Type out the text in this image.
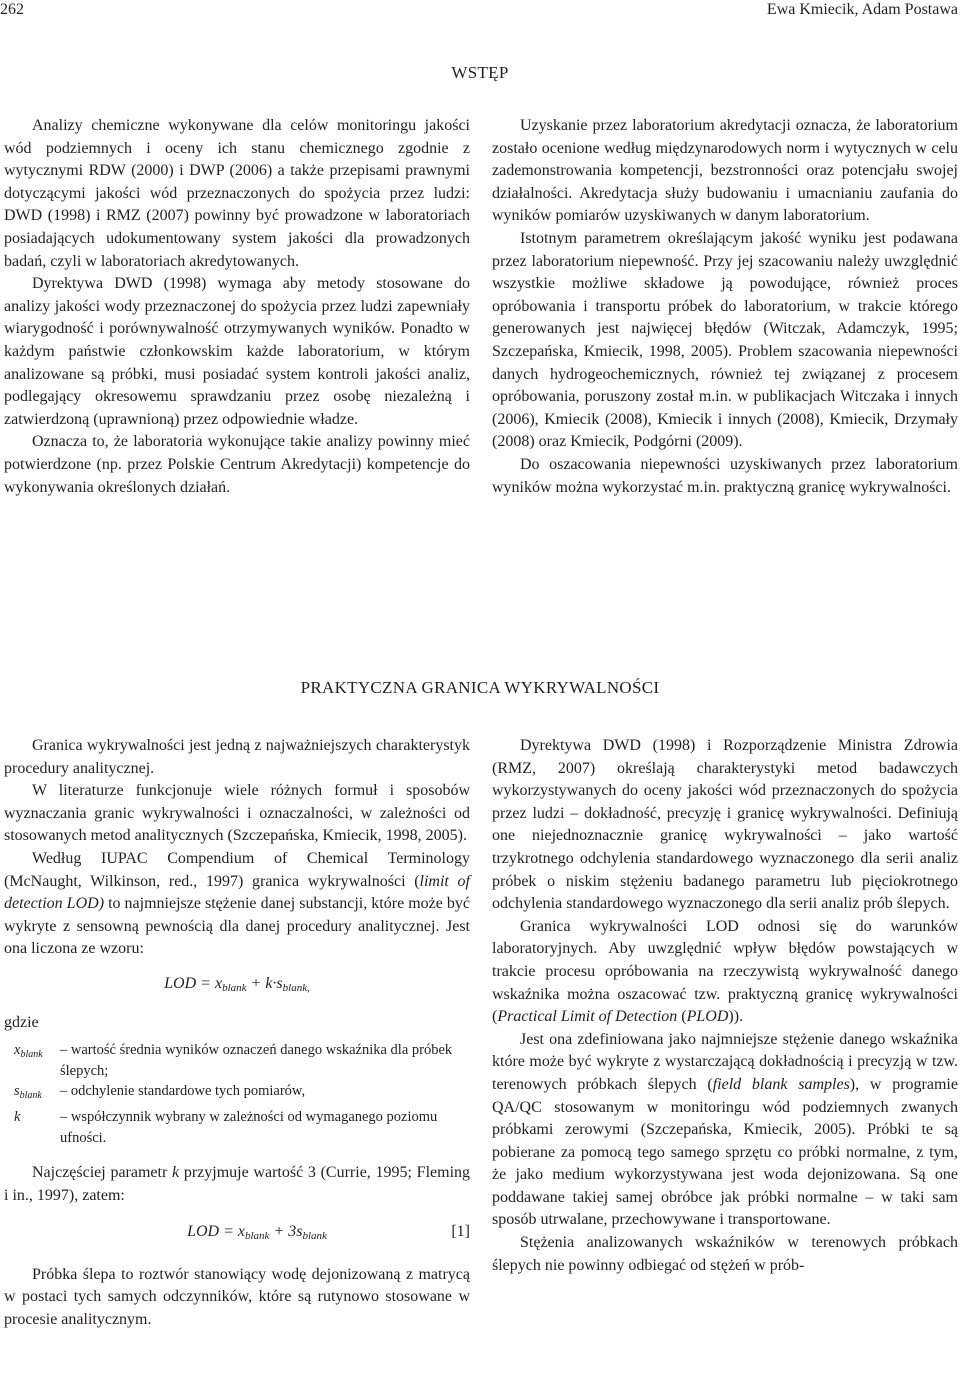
262	Ewa Kmiecik, Adam Postawa
WSTĘP

Analizy chemiczne wykonywane dla celów monitoringu jakości wód podziemnych i oceny ich stanu chemicznego zgodnie z wytycznymi RDW (2000) i DWP (2006) a także przepisami prawnymi dotyczącymi jakości wód przeznaczonych do spożycia przez ludzi: DWD (1998) i RMZ (2007) powinny być prowadzone w laboratoriach posiadających udokumentowany system jakości dla prowadzonych badań, czyli w laboratoriach akredytowanych.

Dyrektywa DWD (1998) wymaga aby metody stosowane do analizy jakości wody przeznaczonej do spożycia przez ludzi zapewniały wiarygodność i porównywalność otrzymywanych wyników. Ponadto w każdym państwie członkowskim każde laboratorium, w którym analizowane są próbki, musi posiadać system kontroli jakości analiz, podlegający okresowemu sprawdzaniu przez osobę niezależną i zatwierdzoną (uprawnioną) przez odpowiednie władze.

Oznacza to, że laboratoria wykonujące takie analizy powinny mieć potwierdzone (np. przez Polskie Centrum Akredytacji) kompetencje do wykonywania określonych działań.

Uzyskanie przez laboratorium akredytacji oznacza, że laboratorium zostało ocenione według międzynarodowych norm i wytycznych w celu zademonstrowania kompetencji, bezstronności oraz potencjału swojej działalności. Akredytacja służy budowaniu i umacnianiu zaufania do wyników pomiarów uzyskiwanych w danym laboratorium.

Istotnym parametrem określającym jakość wyniku jest podawana przez laboratorium niepewność. Przy jej szacowaniu należy uwzględnić wszystkie możliwe składowe ją powodujące, również proces opróbowania i transportu próbek do laboratorium, w trakcie którego generowanych jest najwięcej błędów (Witczak, Adamczyk, 1995; Szczepańska, Kmiecik, 1998, 2005). Problem szacowania niepewności danych hydrogeochemicznych, również tej związanej z procesem opróbowania, poruszony został m.in. w publikacjach Witczaka i innych (2006), Kmiecik (2008), Kmiecik i innych (2008), Kmiecik, Drzymały (2008) oraz Kmiecik, Podgórni (2009).

Do oszacowania niepewności uzyskiwanych przez laboratorium wyników można wykorzystać m.in. praktyczną granicę wykrywalności.

PRAKTYCZNA GRANICA WYKRYWALNOŚCI

Granica wykrywalności jest jedną z najważniejszych charakterystyk procedury analitycznej.

W literaturze funkcjonuje wiele różnych formuł i sposobów wyznaczania granic wykrywalności i oznaczalności, w zależności od stosowanych metod analitycznych (Szczepańska, Kmiecik, 1998, 2005).

Według IUPAC Compendium of Chemical Terminology (McNaught, Wilkinson, red., 1997) granica wykrywalności (limit of detection LOD) to najmniejsze stężenie danej substancji, które może być wykryte z sensowną pewnością dla danej procedury analitycznej. Jest ona liczona ze wzoru:

LOD = $x_{blank} + k\cdot s_{blank,}$

gdzie

$x_{blank}$	– wartość średnia wyników oznaczeń danego wskaźnika dla próbek ślepych;
$s_{blank}$	– odchylenie standardowe tych pomiarów,
k	– współczynnik wybrany w zależności od wymaganego poziomu ufności.

Najczęściej parametr k przyjmuje wartość 3 (Currie, 1995; Fleming i in., 1997), zatem:

LOD = $x_{blank} + 3s_{blank}$	[1]

Próbka ślepa to roztwór stanowiący wodę dejonizowaną z matrycą w postaci tych samych odczynników, które są rutynowo stosowane w procesie analitycznym.

Dyrektywa DWD (1998) i Rozporządzenie Ministra Zdrowia (RMZ, 2007) określają charakterystyki metod badawczych wykorzystywanych do oceny jakości wód przeznaczonych do spożycia przez ludzi – dokładność, precyzję i granicę wykrywalności. Definiują one niejednoznacznie granicę wykrywalności – jako wartość trzykrotnego odchylenia standardowego wyznaczonego dla serii analiz próbek o niskim stężeniu badanego parametru lub pięciokrotnego odchylenia standardowego wyznaczonego dla serii analiz prób ślepych.

Granica wykrywalności LOD odnosi się do warunków laboratoryjnych. Aby uwzględnić wpływ błędów powstających w trakcie procesu opróbowania na rzeczywistą wykrywalność danego wskaźnika można oszacować tzw. praktyczną granicę wykrywalności (Practical Limit of Detection (PLOD)).

Jest ona zdefiniowana jako najmniejsze stężenie danego wskaźnika które może być wykryte z wystarczającą dokładnością i precyzją w tzw. terenowych próbkach ślepych (field blank samples), w programie QA/QC stosowanym w monitoringu wód podziemnych zwanych próbkami zerowymi (Szczepańska, Kmiecik, 2005). Próbki te są pobierane za pomocą tego samego sprzętu co próbki normalne, z tym, że jako medium wykorzystywana jest woda dejonizowana. Są one poddawane takiej samej obróbce jak próbki normalne – w taki sam sposób utrwalane, przechowywane i transportowane.

Stężenia analizowanych wskaźników w terenowych próbkach ślepych nie powinny odbiegać od stężeń w prób-
